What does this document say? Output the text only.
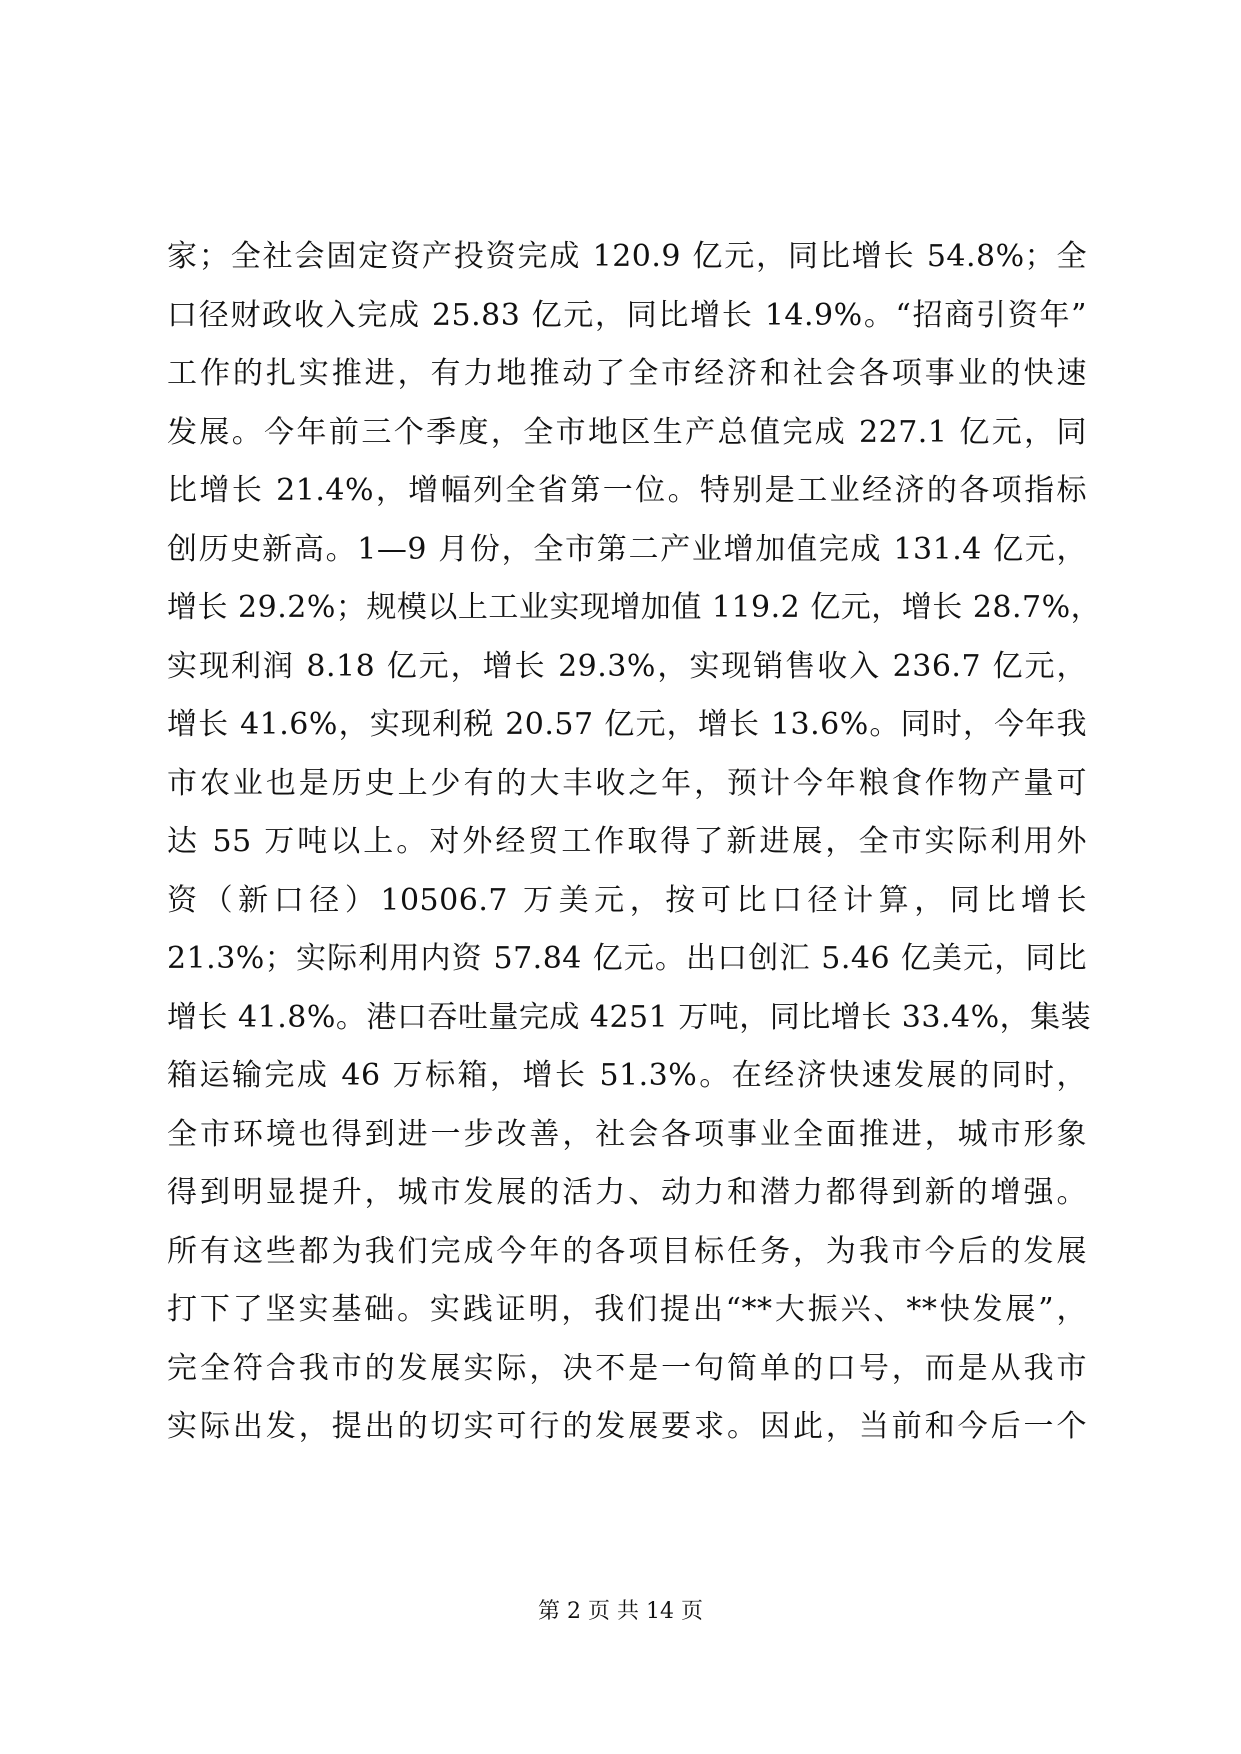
家；全社会固定资产投资完成 120.9 亿元，同比增长 54.8%；全
口径财政收入完成 25.83 亿元，同比增长 14.9%。“招商引资年”
工作的扎实推进，有力地推动了全市经济和社会各项事业的快速
发展。今年前三个季度，全市地区生产总值完成 227.1 亿元，同
比增长 21.4%，增幅列全省第一位。特别是工业经济的各项指标
创历史新高。1—9 月份，全市第二产业增加值完成 131.4 亿元，
增长 29.2%；规模以上工业实现增加值 119.2 亿元，增长 28.7%，
实现利润 8.18 亿元，增长 29.3%，实现销售收入 236.7 亿元，
增长 41.6%，实现利税 20.57 亿元，增长 13.6%。同时，今年我
市农业也是历史上少有的大丰收之年，预计今年粮食作物产量可
达 55 万吨以上。对外经贸工作取得了新进展，全市实际利用外
资（新口径）10506.7 万美元，按可比口径计算，同比增长
21.3%；实际利用内资 57.84 亿元。出口创汇 5.46 亿美元，同比
增长 41.8%。港口吞吐量完成 4251 万吨，同比增长 33.4%，集装
箱运输完成 46 万标箱，增长 51.3%。在经济快速发展的同时，
全市环境也得到进一步改善，社会各项事业全面推进，城市形象
得到明显提升，城市发展的活力、动力和潜力都得到新的增强。
所有这些都为我们完成今年的各项目标任务，为我市今后的发展
打下了坚实基础。实践证明，我们提出“**大振兴、**快发展”，
完全符合我市的发展实际，决不是一句简单的口号，而是从我市
实际出发，提出的切实可行的发展要求。因此，当前和今后一个
第 2 页 共 14 页
